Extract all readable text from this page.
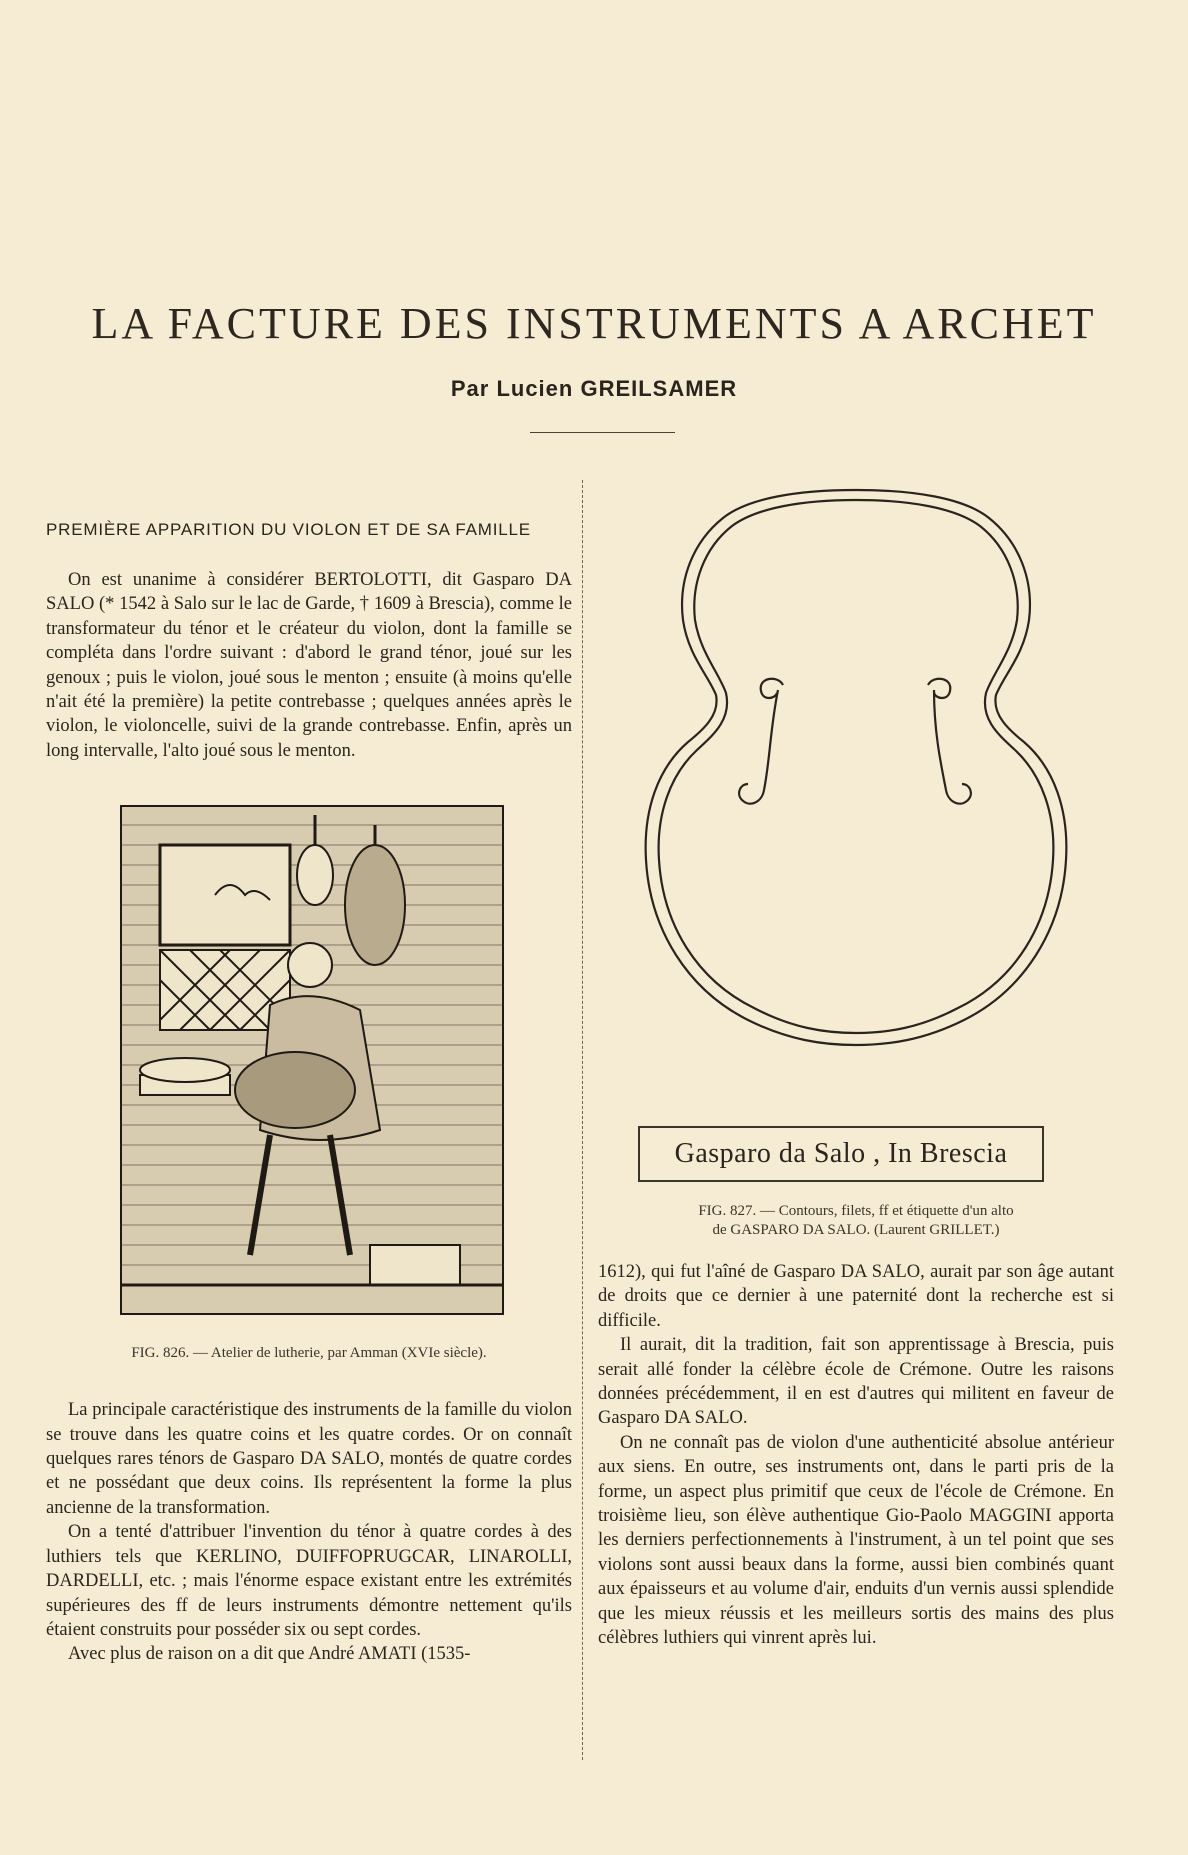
LA FACTURE DES INSTRUMENTS A ARCHET
Par Lucien GREILSAMER
PREMIÈRE APPARITION DU VIOLON ET DE SA FAMILLE

On est unanime à considérer BERTOLOTTI, dit Gasparo DA SALO (* 1542 à Salo sur le lac de Garde, † 1609 à Brescia), comme le transformateur du ténor et le créateur du violon, dont la famille se compléta dans l'ordre suivant : d'abord le grand ténor, joué sur les genoux ; puis le violon, joué sous le menton ; ensuite (à moins qu'elle n'ait été la première) la petite contrebasse ; quelques années après le violon, le violoncelle, suivi de la grande contrebasse. Enfin, après un long intervalle, l'alto joué sous le menton.

FIG. 826. — Atelier de lutherie, par Amman (XVIe siècle).

La principale caractéristique des instruments de la famille du violon se trouve dans les quatre coins et les quatre cordes. Or on connaît quelques rares ténors de Gasparo DA SALO, montés de quatre cordes et ne possédant que deux coins. Ils représentent la forme la plus ancienne de la transformation.

On a tenté d'attribuer l'invention du ténor à quatre cordes à des luthiers tels que KERLINO, DUIFFOPRUGCAR, LINAROLLI, DARDELLI, etc. ; mais l'énorme espace existant entre les extrémités supérieures des ff de leurs instruments démontre nettement qu'ils étaient construits pour posséder six ou sept cordes.

Avec plus de raison on a dit que André AMATI (1535-

Gasparo da Salo , In Brescia
FIG. 827. — Contours, filets, ff et étiquette d'un alto
de GASPARO DA SALO. (Laurent GRILLET.)

1612), qui fut l'aîné de Gasparo DA SALO, aurait par son âge autant de droits que ce dernier à une paternité dont la recherche est si difficile.

Il aurait, dit la tradition, fait son apprentissage à Brescia, puis serait allé fonder la célèbre école de Crémone. Outre les raisons données précédemment, il en est d'autres qui militent en faveur de Gasparo DA SALO.

On ne connaît pas de violon d'une authenticité absolue antérieur aux siens. En outre, ses instruments ont, dans le parti pris de la forme, un aspect plus primitif que ceux de l'école de Crémone. En troisième lieu, son élève authentique Gio-Paolo MAGGINI apporta les derniers perfectionnements à l'instrument, à un tel point que ses violons sont aussi beaux dans la forme, aussi bien combinés quant aux épaisseurs et au volume d'air, enduits d'un vernis aussi splendide que les mieux réussis et les meilleurs sortis des mains des plus célèbres luthiers qui vinrent après lui.
